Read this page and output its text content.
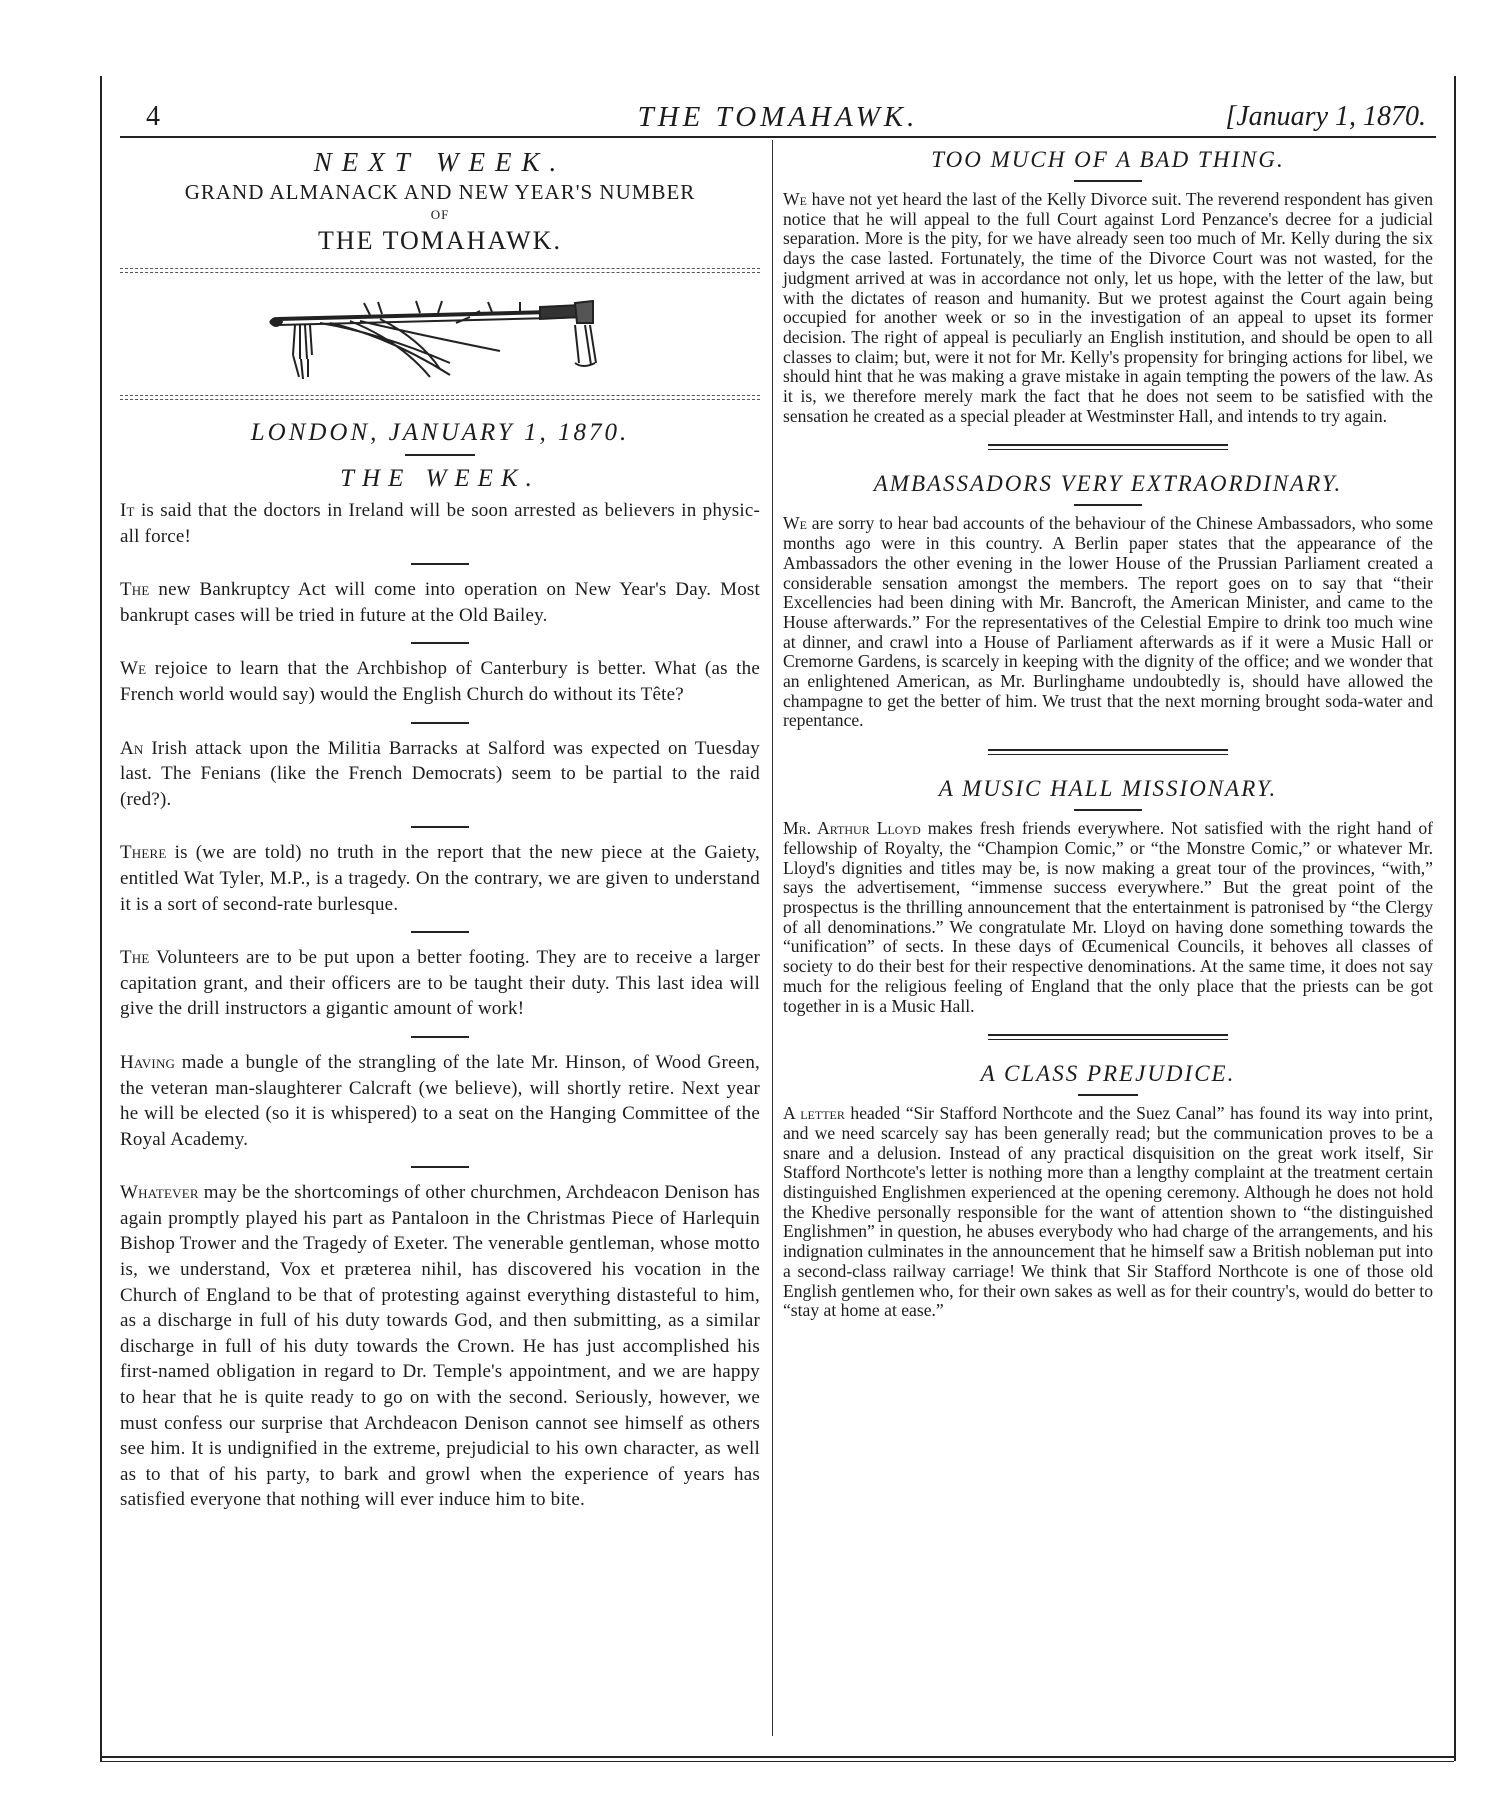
4	THE TOMAHAWK.	[January 1, 1870.
NEXT WEEK.
GRAND ALMANACK AND NEW YEAR'S NUMBER
OF
THE TOMAHAWK.
LONDON, JANUARY 1, 1870.
THE WEEK.

It is said that the doctors in Ireland will be soon arrested as believers in physic-all force!

The new Bankruptcy Act will come into operation on New Year's Day. Most bankrupt cases will be tried in future at the Old Bailey.

We rejoice to learn that the Archbishop of Canterbury is better. What (as the French world would say) would the English Church do without its Tête?

An Irish attack upon the Militia Barracks at Salford was expected on Tuesday last. The Fenians (like the French Democrats) seem to be partial to the raid (red?).

There is (we are told) no truth in the report that the new piece at the Gaiety, entitled Wat Tyler, M.P., is a tragedy. On the contrary, we are given to understand it is a sort of second-rate burlesque.

The Volunteers are to be put upon a better footing. They are to receive a larger capitation grant, and their officers are to be taught their duty. This last idea will give the drill instructors a gigantic amount of work!

Having made a bungle of the strangling of the late Mr. Hinson, of Wood Green, the veteran man-slaughterer Calcraft (we believe), will shortly retire. Next year he will be elected (so it is whispered) to a seat on the Hanging Committee of the Royal Academy.

Whatever may be the shortcomings of other churchmen, Archdeacon Denison has again promptly played his part as Pantaloon in the Christmas Piece of Harlequin Bishop Trower and the Tragedy of Exeter. The venerable gentleman, whose motto is, we understand, Vox et præterea nihil, has discovered his vocation in the Church of England to be that of protesting against everything distasteful to him, as a discharge in full of his duty towards God, and then submitting, as a similar discharge in full of his duty towards the Crown. He has just accomplished his first-named obligation in regard to Dr. Temple's appointment, and we are happy to hear that he is quite ready to go on with the second. Seriously, however, we must confess our surprise that Archdeacon Denison cannot see himself as others see him. It is undignified in the extreme, prejudicial to his own character, as well as to that of his party, to bark and growl when the experience of years has satisfied everyone that nothing will ever induce him to bite.

TOO MUCH OF A BAD THING.

We have not yet heard the last of the Kelly Divorce suit. The reverend respondent has given notice that he will appeal to the full Court against Lord Penzance's decree for a judicial separation. More is the pity, for we have already seen too much of Mr. Kelly during the six days the case lasted. Fortunately, the time of the Divorce Court was not wasted, for the judgment arrived at was in accordance not only, let us hope, with the letter of the law, but with the dictates of reason and humanity. But we protest against the Court again being occupied for another week or so in the investigation of an appeal to upset its former decision. The right of appeal is peculiarly an English institution, and should be open to all classes to claim; but, were it not for Mr. Kelly's propensity for bringing actions for libel, we should hint that he was making a grave mistake in again tempting the powers of the law. As it is, we therefore merely mark the fact that he does not seem to be satisfied with the sensation he created as a special pleader at Westminster Hall, and intends to try again.

AMBASSADORS VERY EXTRAORDINARY.

We are sorry to hear bad accounts of the behaviour of the Chinese Ambassadors, who some months ago were in this country. A Berlin paper states that the appearance of the Ambassadors the other evening in the lower House of the Prussian Parliament created a considerable sensation amongst the members. The report goes on to say that “their Excellencies had been dining with Mr. Bancroft, the American Minister, and came to the House afterwards.” For the representatives of the Celestial Empire to drink too much wine at dinner, and crawl into a House of Parliament afterwards as if it were a Music Hall or Cremorne Gardens, is scarcely in keeping with the dignity of the office; and we wonder that an enlightened American, as Mr. Burlinghame undoubtedly is, should have allowed the champagne to get the better of him. We trust that the next morning brought soda-water and repentance.

A MUSIC HALL MISSIONARY.

Mr. Arthur Lloyd makes fresh friends everywhere. Not satisfied with the right hand of fellowship of Royalty, the “Champion Comic,” or “the Monstre Comic,” or whatever Mr. Lloyd's dignities and titles may be, is now making a great tour of the provinces, “with,” says the advertisement, “immense success everywhere.” But the great point of the prospectus is the thrilling announcement that the entertainment is patronised by “the Clergy of all denominations.” We congratulate Mr. Lloyd on having done something towards the “unification” of sects. In these days of Œcumenical Councils, it behoves all classes of society to do their best for their respective denominations. At the same time, it does not say much for the religious feeling of England that the only place that the priests can be got together in is a Music Hall.

A CLASS PREJUDICE.

A letter headed “Sir Stafford Northcote and the Suez Canal” has found its way into print, and we need scarcely say has been generally read; but the communication proves to be a snare and a delusion. Instead of any practical disquisition on the great work itself, Sir Stafford Northcote's letter is nothing more than a lengthy complaint at the treatment certain distinguished Englishmen experienced at the opening ceremony. Although he does not hold the Khedive personally responsible for the want of attention shown to “the distinguished Englishmen” in question, he abuses everybody who had charge of the arrangements, and his indignation culminates in the announcement that he himself saw a British nobleman put into a second-class railway carriage! We think that Sir Stafford Northcote is one of those old English gentlemen who, for their own sakes as well as for their country's, would do better to “stay at home at ease.”
